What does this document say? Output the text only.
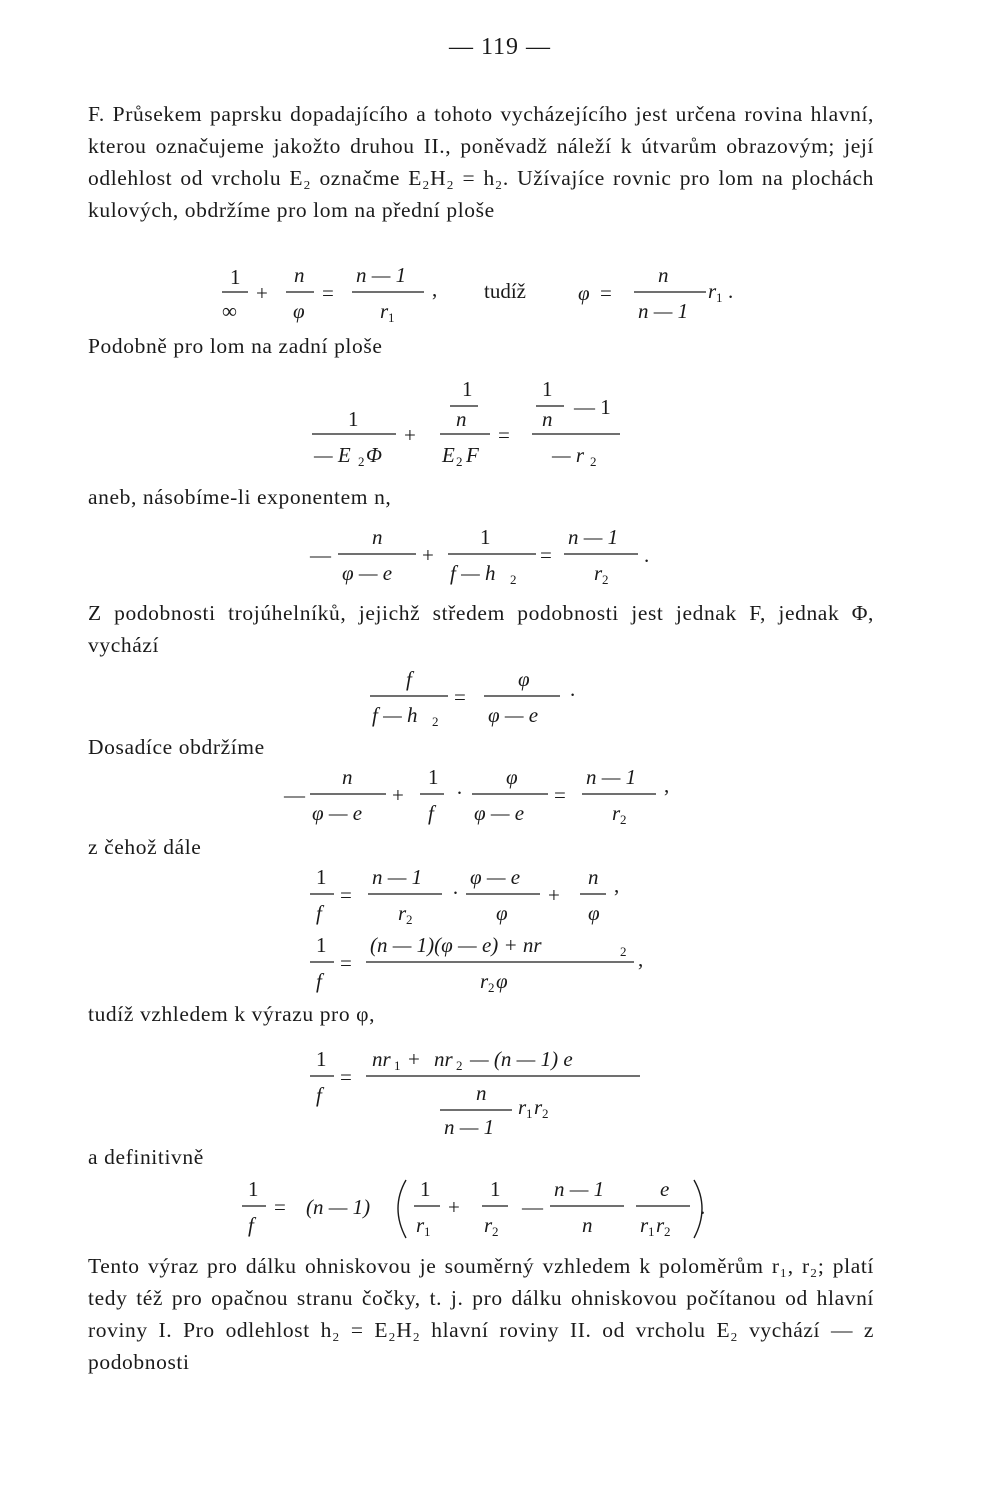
— 119 —
F. Průsekem paprsku dopadajícího a tohoto vycházejícího jest určena rovina hlavní, kterou označujeme jakožto druhou II., poněvadž náleží k útvarům obrazovým; její odlehlost od vrcholu E₂ označme E₂H₂ = h₂. Užívajíce rovnic pro lom na plochách kulových, obdržíme pro lom na přední ploše
1
∞
+
n
φ
=
n — 1
r 1
, tudíž φ =
n
n — 1
r 1 .
Podobně pro lom na zadní ploše
1
— E 2 Φ
+
1
n
E 2 F
=
1
n — 1
— r 2
aneb, násobíme-li exponentem n,
—
n
φ — e
+
1
f — h 2
=
n — 1
r 2
.
Z podobnosti trojúhelníků, jejichž středem podobnosti jest jednak F, jednak Φ, vychází
f
f — h 2
=
φ
φ — e
.
Dosadíce obdržíme
—
n
φ — e
+
1
f
·
φ
φ — e
=
n — 1
r 2
,
z čehož dále
1
f
=
n — 1
r 2
·
φ — e
φ
+
n
φ
,
1
f
=
(n — 1)(φ — e) + nr	2
r 2 φ
,
tudíž vzhledem k výrazu pro φ,
1
f
=
nr 1 + nr 2 — (n — 1) e
n
n — 1
r 1 r 2
a definitivně
1
f
= (n — 1)
1
r 1
+
1
r 2
—
n — 1
n
e
r 1 r 2
.
Tento výraz pro dálku ohniskovou je souměrný vzhledem k poloměrům r₁, r₂; platí tedy též pro opačnou stranu čočky, t. j. pro dálku ohniskovou počítanou od hlavní roviny I. Pro odlehlost h₂ = E₂H₂ hlavní roviny II. od vrcholu E₂ vychází — z podobnosti
